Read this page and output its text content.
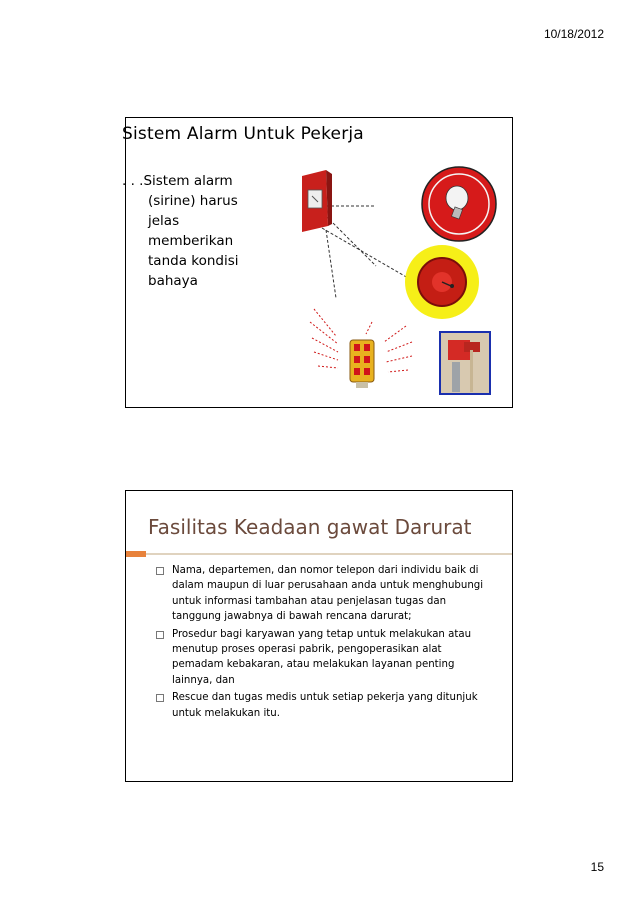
10/18/2012
Sistem Alarm Untuk Pekerja
. . .Sistem alarm
(sirine) harus
jelas
memberikan
tanda kondisi
bahaya
Fasilitas Keadaan gawat Darurat
Nama, departemen, dan nomor telepon dari individu baik di dalam maupun di luar perusahaan anda untuk menghubungi untuk informasi tambahan atau penjelasan tugas dan tanggung jawabnya di bawah rencana darurat;
Prosedur bagi karyawan yang tetap untuk melakukan atau menutup proses operasi pabrik, pengoperasikan alat pemadam kebakaran, atau melakukan layanan penting lainnya, dan
Rescue dan tugas medis untuk setiap pekerja yang ditunjuk untuk melakukan itu.
15
